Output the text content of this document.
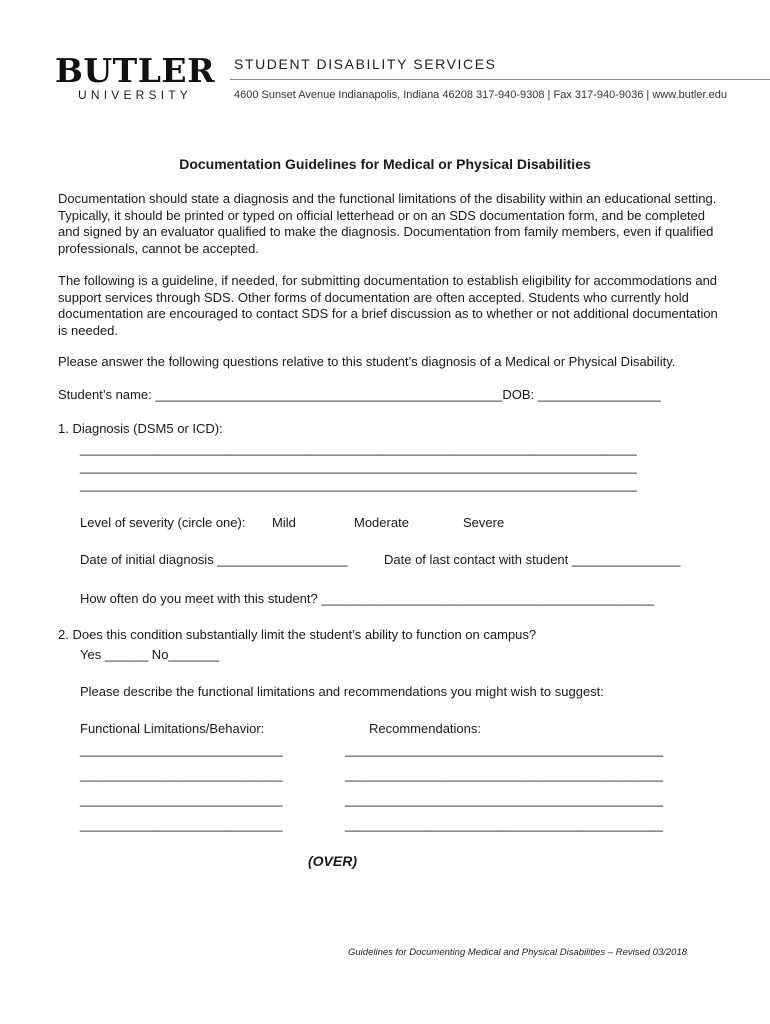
BUTLER
UNIVERSITY
STUDENT DISABILITY SERVICES
4600 Sunset Avenue Indianapolis, Indiana 46208 317-940-9308 | Fax 317-940-9036 | www.butler.edu
Documentation Guidelines for Medical or Physical Disabilities
Documentation should state a diagnosis and the functional limitations of the disability within an educational setting. Typically, it should be printed or typed on official letterhead or on an SDS documentation form, and be completed and signed by an evaluator qualified to make the diagnosis. Documentation from family members, even if qualified professionals, cannot be accepted.
The following is a guideline, if needed, for submitting documentation to establish eligibility for accommodations and support services through SDS. Other forms of documentation are often accepted. Students who currently hold documentation are encouraged to contact SDS for a brief discussion as to whether or not additional documentation is needed.
Please answer the following questions relative to this student’s diagnosis of a Medical or Physical Disability.
Student’s name: ________________________________________________DOB: _________________
1. Diagnosis (DSM5 or ICD):
_____________________________________________________________________________
_____________________________________________________________________________
_____________________________________________________________________________
Level of severity (circle one): Mild	Moderate	Severe
Date of initial diagnosis __________________	Date of last contact with student _______________
How often do you meet with this student? ______________________________________________
2. Does this condition substantially limit the student’s ability to function on campus?
Yes ______ No_______
Please describe the functional limitations and recommendations you might wish to suggest:
Functional Limitations/Behavior:	Recommendations:
____________________________	____________________________________________
____________________________	____________________________________________
____________________________	____________________________________________
____________________________	____________________________________________
(OVER)
Guidelines for Documenting Medical and Physical Disabilities – Revised 03/2018
